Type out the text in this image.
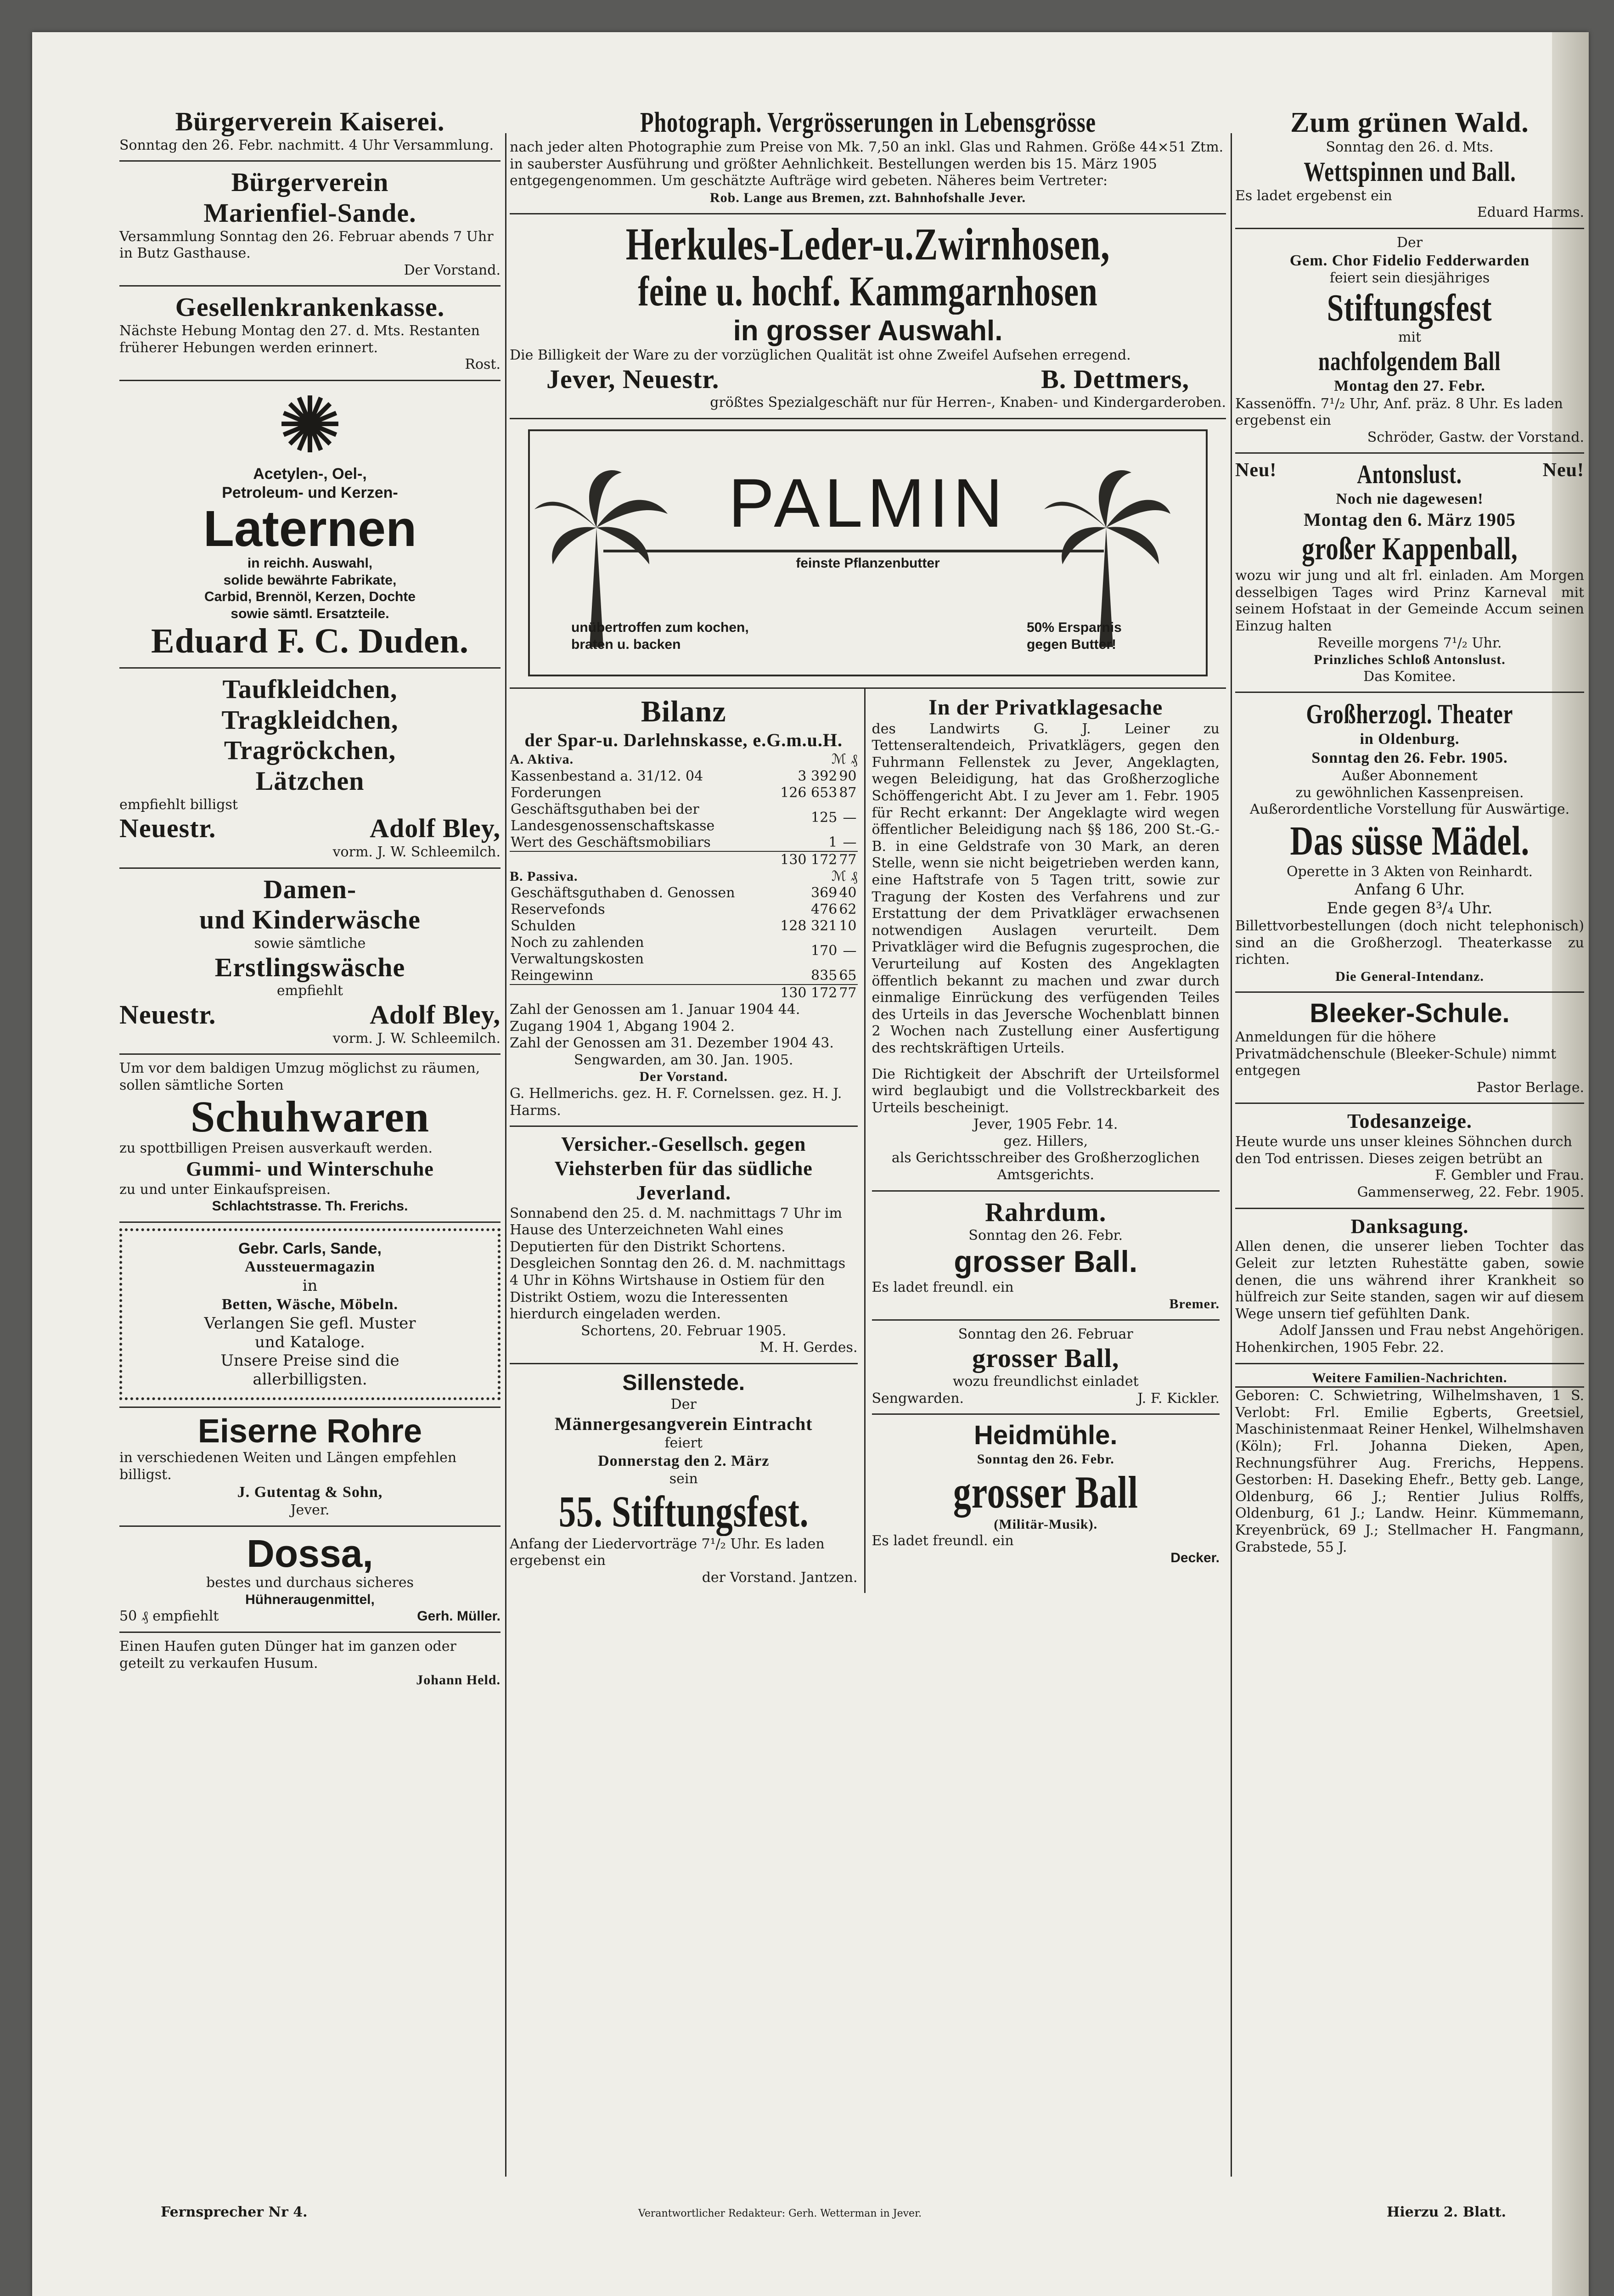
Bürgerverein Kaiserei.
Sonntag den 26. Febr. nachmitt. 4 Uhr Versammlung.
Bürgerverein
Marienfiel-Sande.
Versammlung Sonntag den 26. Februar abends 7 Uhr in Butz Gasthause.
Der Vorstand.
Gesellenkrankenkasse.
Nächste Hebung Montag den 27. d. Mts. Restanten früherer Hebungen werden erinnert.
Rost.
✺
Acetylen-, Oel-,
Petroleum- und Kerzen-
Laternen
in reichh. Auswahl,
solide bewährte Fabrikate,
Carbid, Brennöl, Kerzen, Dochte
sowie sämtl. Ersatzteile.
Eduard F. C. Duden.
Taufkleidchen,
Tragkleidchen,
Tragröckchen,
Lätzchen
empfiehlt billigst
Neuestr.	Adolf Bley,
vorm. J. W. Schleemilch.
Damen-
und Kinderwäsche
sowie sämtliche
Erstlingswäsche
empfiehlt
Neuestr.	Adolf Bley,
vorm. J. W. Schleemilch.
Um vor dem baldigen Umzug möglichst zu räumen, sollen sämtliche Sorten
Schuhwaren
zu spottbilligen Preisen ausverkauft werden.
Gummi- und Winterschuhe
zu und unter Einkaufspreisen.
Schlachtstrasse. Th. Frerichs.
Gebr. Carls, Sande,
Aussteuermagazin
in
Betten, Wäsche, Möbeln.
Verlangen Sie gefl. Muster
und Kataloge.
Unsere Preise sind die
allerbilligsten.
Eiserne Rohre
in verschiedenen Weiten und Längen empfehlen billigst.
J. Gutentag & Sohn,
Jever.
Dossa,
bestes und durchaus sicheres
Hühneraugenmittel,
50 ₰ empfiehlt	Gerh. Müller.
Einen Haufen guten Dünger hat im ganzen oder geteilt zu verkaufen Husum.
Johann Held.
Photograph. Vergrösserungen in Lebensgrösse
nach jeder alten Photographie zum Preise von Mk. 7,50 an inkl. Glas und Rahmen. Größe 44×51 Ztm. in sauberster Ausführung und größter Aehnlichkeit. Bestellungen werden bis 15. März 1905 entgegengenommen. Um geschätzte Aufträge wird gebeten. Näheres beim Vertreter:
Rob. Lange aus Bremen, zzt. Bahnhofshalle Jever.
Herkules-Leder-u.Zwirnhosen,
feine u. hochf. Kammgarnhosen
in grosser Auswahl.
Die Billigkeit der Ware zu der vorzüglichen Qualität ist ohne Zweifel Aufsehen erregend.
Jever, Neuestr.	B. Dettmers,
größtes Spezialgeschäft nur für Herren-, Knaben- und Kindergarderoben.
PALMIN
feinste Pflanzenbutter
unübertroffen zum kochen, braten u. backen
50% Ersparnis gegen Butter!
Bilanz
der Spar-u. Darlehnskasse, e.G.m.u.H.
A. Aktiva.	ℳ ₰
Kassenbestand a. 31/12. 04	3 392	90
Forderungen	126 653	87
Geschäftsguthaben bei der Landesgenossenschaftskasse	125	—
Wert des Geschäftsmobiliars	1	—
	130 172	77
B. Passiva.	ℳ ₰
Geschäftsguthaben d. Genossen	369	40
Reservefonds	476	62
Schulden	128 321	10
Noch zu zahlenden Verwaltungskosten	170	—
Reingewinn	835	65
	130 172	77
Zahl der Genossen am 1. Januar 1904 44.
Zugang 1904 1, Abgang 1904 2.
Zahl der Genossen am 31. Dezember 1904 43.
Sengwarden, am 30. Jan. 1905.
Der Vorstand.
G. Hellmerichs. gez. H. F. Cornelssen. gez. H. J. Harms.
Versicher.-Gesellsch. gegen Viehsterben für das südliche Jeverland.
Sonnabend den 25. d. M. nachmittags 7 Uhr im Hause des Unterzeichneten Wahl eines Deputierten für den Distrikt Schortens. Desgleichen Sonntag den 26. d. M. nachmittags 4 Uhr in Köhns Wirtshause in Ostiem für den Distrikt Ostiem, wozu die Interessenten hierdurch eingeladen werden.
Schortens, 20. Februar 1905.
M. H. Gerdes.
Sillenstede.
Der
Männergesangverein Eintracht
feiert
Donnerstag den 2. März
sein
55. Stiftungsfest.
Anfang der Liedervorträge 7¹/₂ Uhr. Es laden ergebenst ein
der Vorstand. Jantzen.
In der Privatklagesache
des Landwirts G. J. Leiner zu Tettenseraltendeich, Privatklägers, gegen den Fuhrmann Fellenstek zu Jever, Angeklagten, wegen Beleidigung, hat das Großherzogliche Schöffengericht Abt. I zu Jever am 1. Febr. 1905 für Recht erkannt: Der Angeklagte wird wegen öffentlicher Beleidigung nach §§ 186, 200 St.-G.-B. in eine Geldstrafe von 30 Mark, an deren Stelle, wenn sie nicht beigetrieben werden kann, eine Haftstrafe von 5 Tagen tritt, sowie zur Tragung der Kosten des Verfahrens und zur Erstattung der dem Privatkläger erwachsenen notwendigen Auslagen verurteilt. Dem Privatkläger wird die Befugnis zugesprochen, die Verurteilung auf Kosten des Angeklagten öffentlich bekannt zu machen und zwar durch einmalige Einrückung des verfügenden Teiles des Urteils in das Jeversche Wochenblatt binnen 2 Wochen nach Zustellung einer Ausfertigung des rechtskräftigen Urteils.
Die Richtigkeit der Abschrift der Urteilsformel wird beglaubigt und die Vollstreckbarkeit des Urteils bescheinigt.
Jever, 1905 Febr. 14.
gez. Hillers,
als Gerichtsschreiber des Großherzoglichen Amtsgerichts.
Rahrdum.
Sonntag den 26. Febr.
grosser Ball.
Es ladet freundl. ein
Bremer.
Sonntag den 26. Februar
grosser Ball,
wozu freundlichst einladet
Sengwarden.	J. F. Kickler.
Heidmühle.
Sonntag den 26. Febr.
grosser Ball
(Militär-Musik).
Es ladet freundl. ein
Decker.
Zum grünen Wald.
Sonntag den 26. d. Mts.
Wettspinnen und Ball.
Es ladet ergebenst ein
Eduard Harms.
Der
Gem. Chor Fidelio Fedderwarden
feiert sein diesjähriges
Stiftungsfest
mit
nachfolgendem Ball
Montag den 27. Febr.
Kassenöffn. 7¹/₂ Uhr, Anf. präz. 8 Uhr. Es laden ergebenst ein
Schröder, Gastw. der Vorstand.
Neu!	Antonslust.	Neu!
Noch nie dagewesen!
Montag den 6. März 1905
großer Kappenball,
wozu wir jung und alt frl. einladen. Am Morgen desselbigen Tages wird Prinz Karneval mit seinem Hofstaat in der Gemeinde Accum seinen Einzug halten
Reveille morgens 7¹/₂ Uhr.
Prinzliches Schloß Antonslust.
Das Komitee.
Großherzogl. Theater
in Oldenburg.
Sonntag den 26. Febr. 1905.
Außer Abonnement
zu gewöhnlichen Kassenpreisen.
Außerordentliche Vorstellung für Auswärtige.
Das süsse Mädel.
Operette in 3 Akten von Reinhardt.
Anfang 6 Uhr.
Ende gegen 8³/₄ Uhr.
Billettvorbestellungen (doch nicht telephonisch) sind an die Großherzogl. Theaterkasse zu richten.
Die General-Intendanz.
Bleeker-Schule.
Anmeldungen für die höhere Privatmädchenschule (Bleeker-Schule) nimmt entgegen
Pastor Berlage.
Todesanzeige.
Heute wurde uns unser kleines Söhnchen durch den Tod entrissen. Dieses zeigen betrübt an
F. Gembler und Frau.
Gammenserweg, 22. Febr. 1905.
Danksagung.
Allen denen, die unserer lieben Tochter das Geleit zur letzten Ruhestätte gaben, sowie denen, die uns während ihrer Krankheit so hülfreich zur Seite standen, sagen wir auf diesem Wege unsern tief gefühlten Dank.
Adolf Janssen und Frau nebst Angehörigen.
Hohenkirchen, 1905 Febr. 22.
Weitere Familien-Nachrichten.
Geboren: C. Schwietring, Wilhelmshaven, 1 S. Verlobt: Frl. Emilie Egberts, Greetsiel, Maschinistenmaat Reiner Henkel, Wilhelmshaven (Köln); Frl. Johanna Dieken, Apen, Rechnungsführer Aug. Frerichs, Heppens. Gestorben: H. Daseking Ehefr., Betty geb. Lange, Oldenburg, 66 J.; Rentier Julius Rolffs, Oldenburg, 61 J.; Landw. Heinr. Kümmemann, Kreyenbrück, 69 J.; Stellmacher H. Fangmann, Grabstede, 55 J.
Fernsprecher Nr 4.	Verantwortlicher Redakteur: Gerh. Wetterman in Jever.	Hierzu 2. Blatt.
